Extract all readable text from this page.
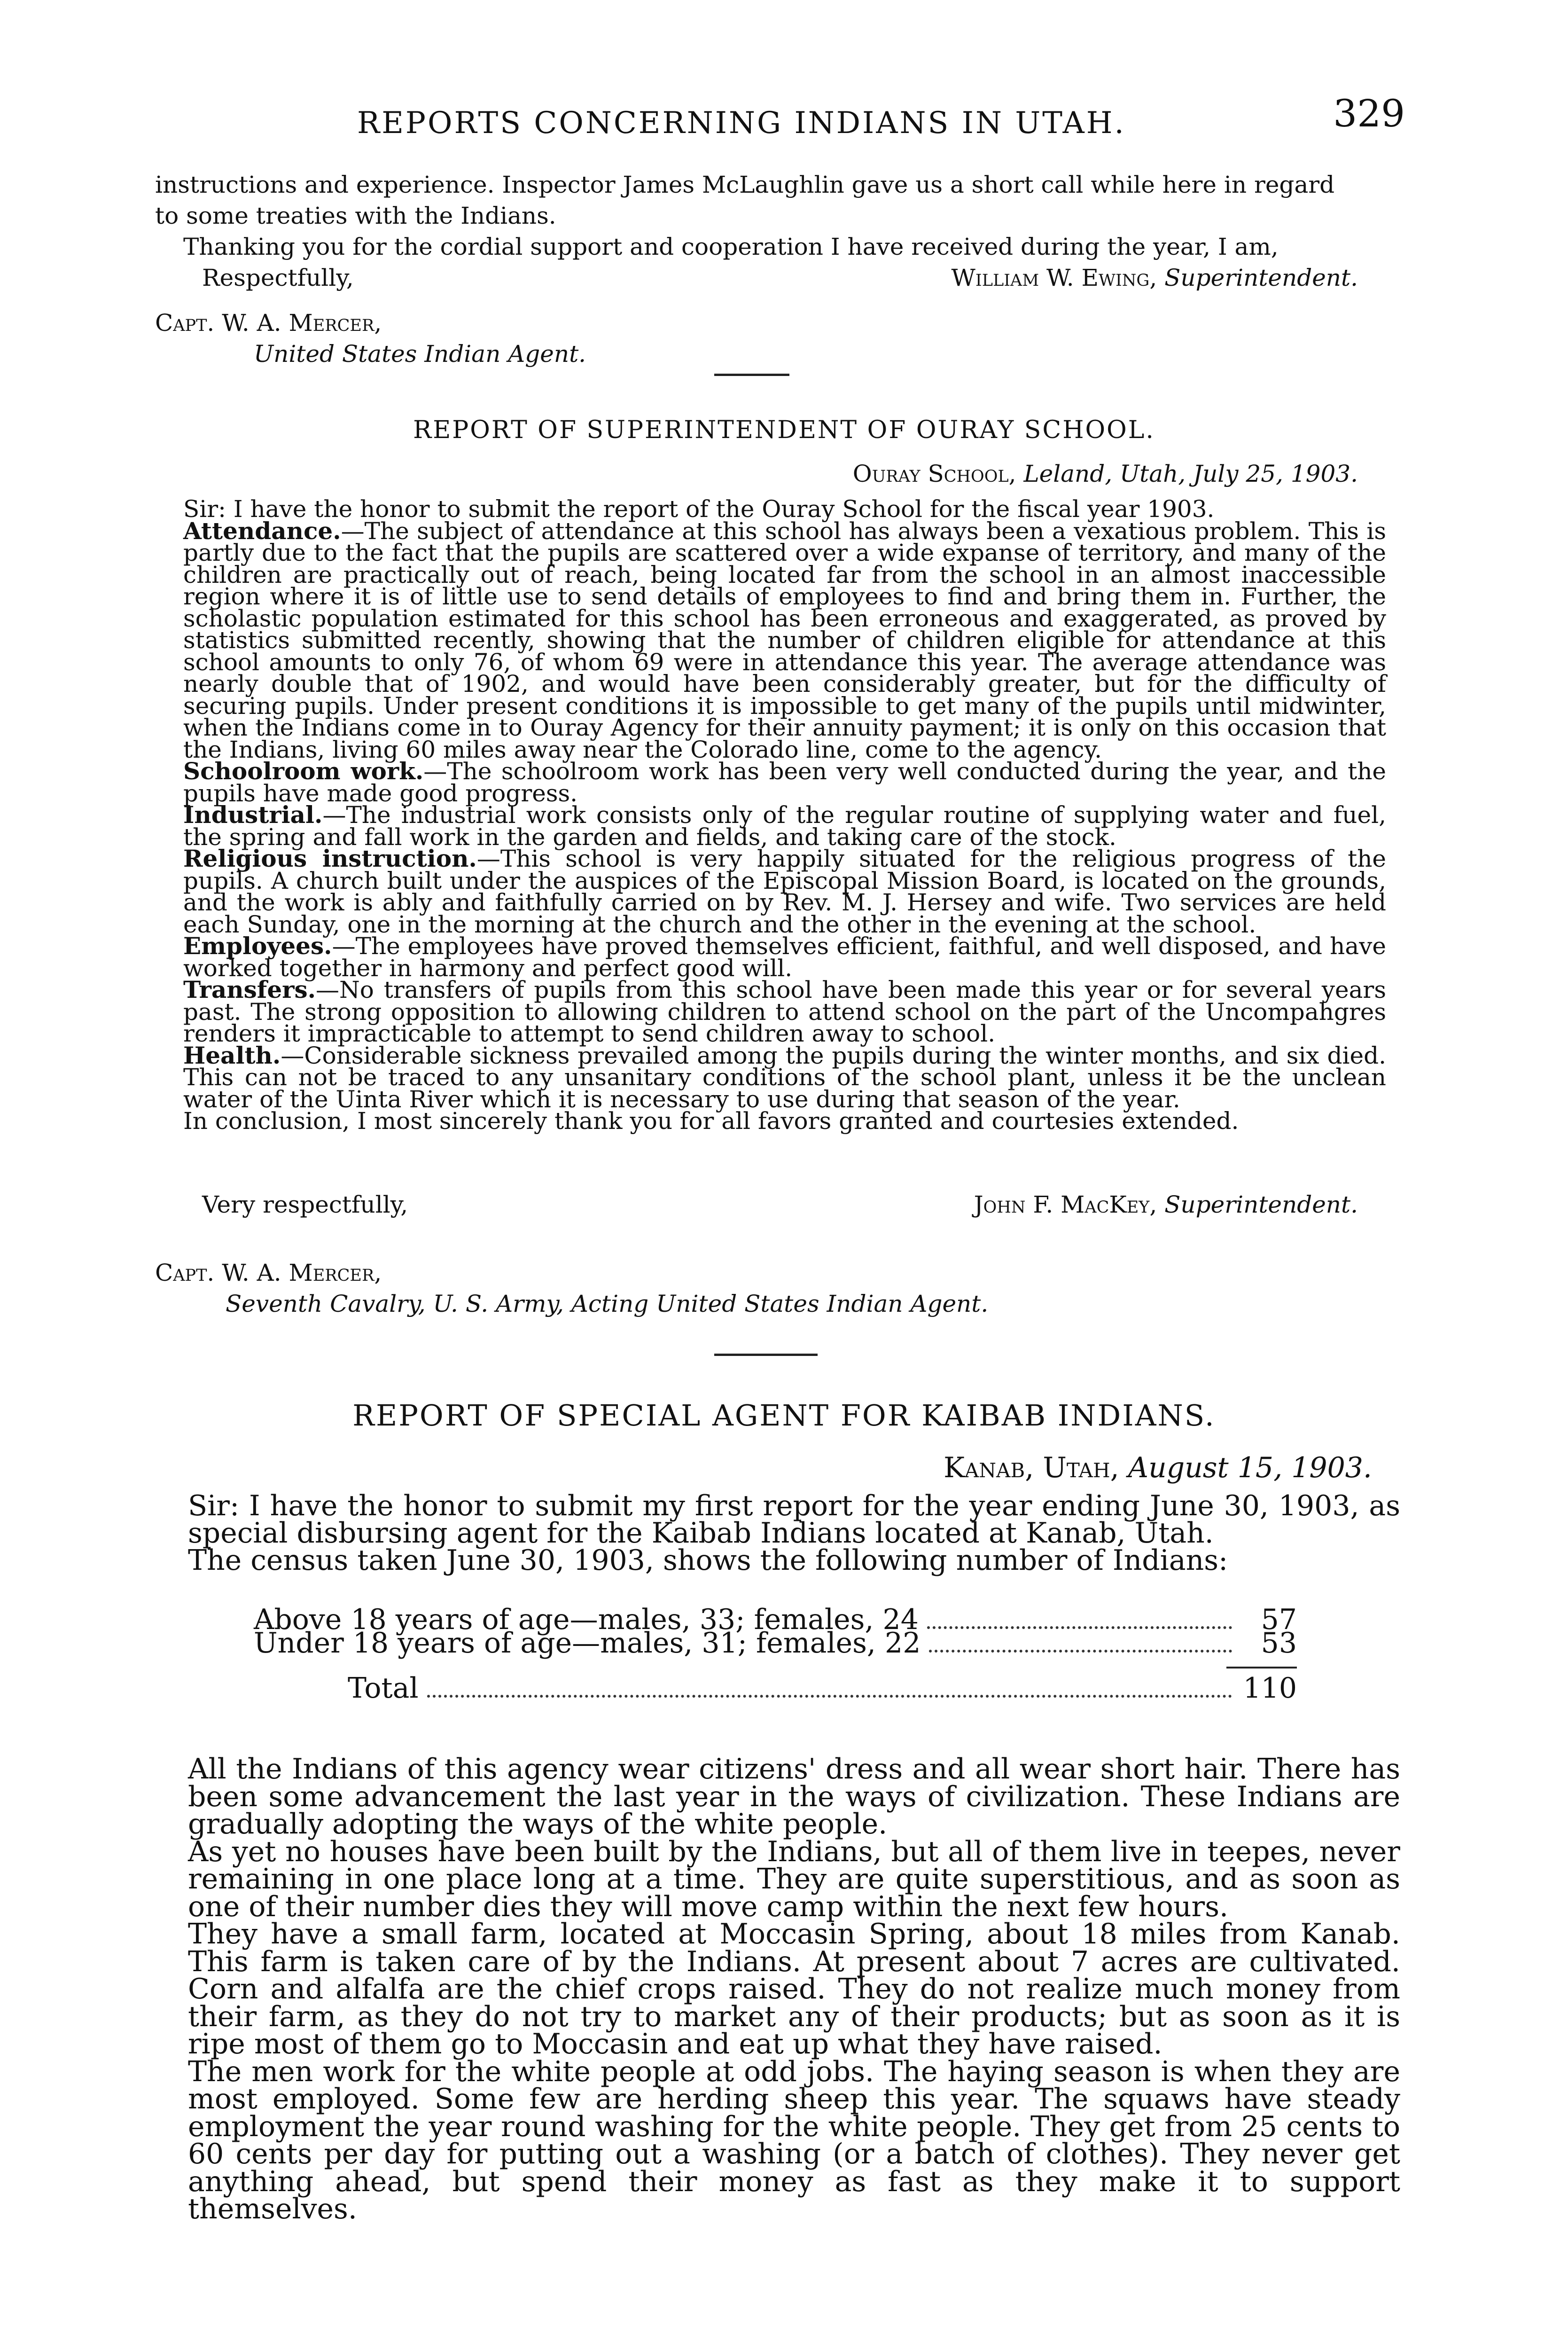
REPORTS CONCERNING INDIANS IN UTAH.	329
instructions and experience. Inspector James McLaughlin gave us a short call while here in regard
to some treaties with the Indians.
Thanking you for the cordial support and cooperation I have received during the year, I am,
Respectfully,	William W. Ewing, Superintendent.
Capt. W. A. Mercer,
United States Indian Agent.
REPORT OF SUPERINTENDENT OF OURAY SCHOOL.
Ouray School, Leland, Utah, July 25, 1903.

Sir: I have the honor to submit the report of the Ouray School for the fiscal year 1903.

Attendance.—The subject of attendance at this school has always been a vexatious problem. This is partly due to the fact that the pupils are scattered over a wide expanse of territory, and many of the children are practically out of reach, being located far from the school in an almost inaccessible region where it is of little use to send details of employees to find and bring them in. Further, the scholastic population estimated for this school has been erroneous and exaggerated, as proved by statistics submitted recently, showing that the number of children eligible for attendance at this school amounts to only 76, of whom 69 were in attendance this year. The average attendance was nearly double that of 1902, and would have been considerably greater, but for the difficulty of securing pupils. Under present conditions it is impossible to get many of the pupils until midwinter, when the Indians come in to Ouray Agency for their annuity payment; it is only on this occasion that the Indians, living 60 miles away near the Colorado line, come to the agency.

Schoolroom work.—The schoolroom work has been very well conducted during the year, and the pupils have made good progress.

Industrial.—The industrial work consists only of the regular routine of supplying water and fuel, the spring and fall work in the garden and fields, and taking care of the stock.

Religious instruction.—This school is very happily situated for the religious progress of the pupils. A church built under the auspices of the Episcopal Mission Board, is located on the grounds, and the work is ably and faithfully carried on by Rev. M. J. Hersey and wife. Two services are held each Sunday, one in the morning at the church and the other in the evening at the school.

Employees.—The employees have proved themselves efficient, faithful, and well disposed, and have worked together in harmony and perfect good will.

Transfers.—No transfers of pupils from this school have been made this year or for several years past. The strong opposition to allowing children to attend school on the part of the Uncompahgres renders it impracticable to attempt to send children away to school.

Health.—Considerable sickness prevailed among the pupils during the winter months, and six died. This can not be traced to any unsanitary conditions of the school plant, unless it be the unclean water of the Uinta River which it is necessary to use during that season of the year.

In conclusion, I most sincerely thank you for all favors granted and courtesies extended.

Very respectfully,	John F. MacKey, Superintendent.
Capt. W. A. Mercer,
Seventh Cavalry, U. S. Army, Acting United States Indian Agent.
REPORT OF SPECIAL AGENT FOR KAIBAB INDIANS.
Kanab, Utah, August 15, 1903.

Sir: I have the honor to submit my first report for the year ending June 30, 1903, as special disbursing agent for the Kaibab Indians located at Kanab, Utah.

The census taken June 30, 1903, shows the following number of Indians:

Above 18 years of age—males, 33; females, 24	57
Under 18 years of age—males, 31; females, 22	53
Total	110

All the Indians of this agency wear citizens' dress and all wear short hair. There has been some advancement the last year in the ways of civilization. These Indians are gradually adopting the ways of the white people.

As yet no houses have been built by the Indians, but all of them live in teepes, never remaining in one place long at a time. They are quite superstitious, and as soon as one of their number dies they will move camp within the next few hours.

They have a small farm, located at Moccasin Spring, about 18 miles from Kanab. This farm is taken care of by the Indians. At present about 7 acres are cultivated. Corn and alfalfa are the chief crops raised. They do not realize much money from their farm, as they do not try to market any of their products; but as soon as it is ripe most of them go to Moccasin and eat up what they have raised.

The men work for the white people at odd jobs. The haying season is when they are most employed. Some few are herding sheep this year. The squaws have steady employment the year round washing for the white people. They get from 25 cents to 60 cents per day for putting out a washing (or a batch of clothes). They never get anything ahead, but spend their money as fast as they make it to support themselves.
